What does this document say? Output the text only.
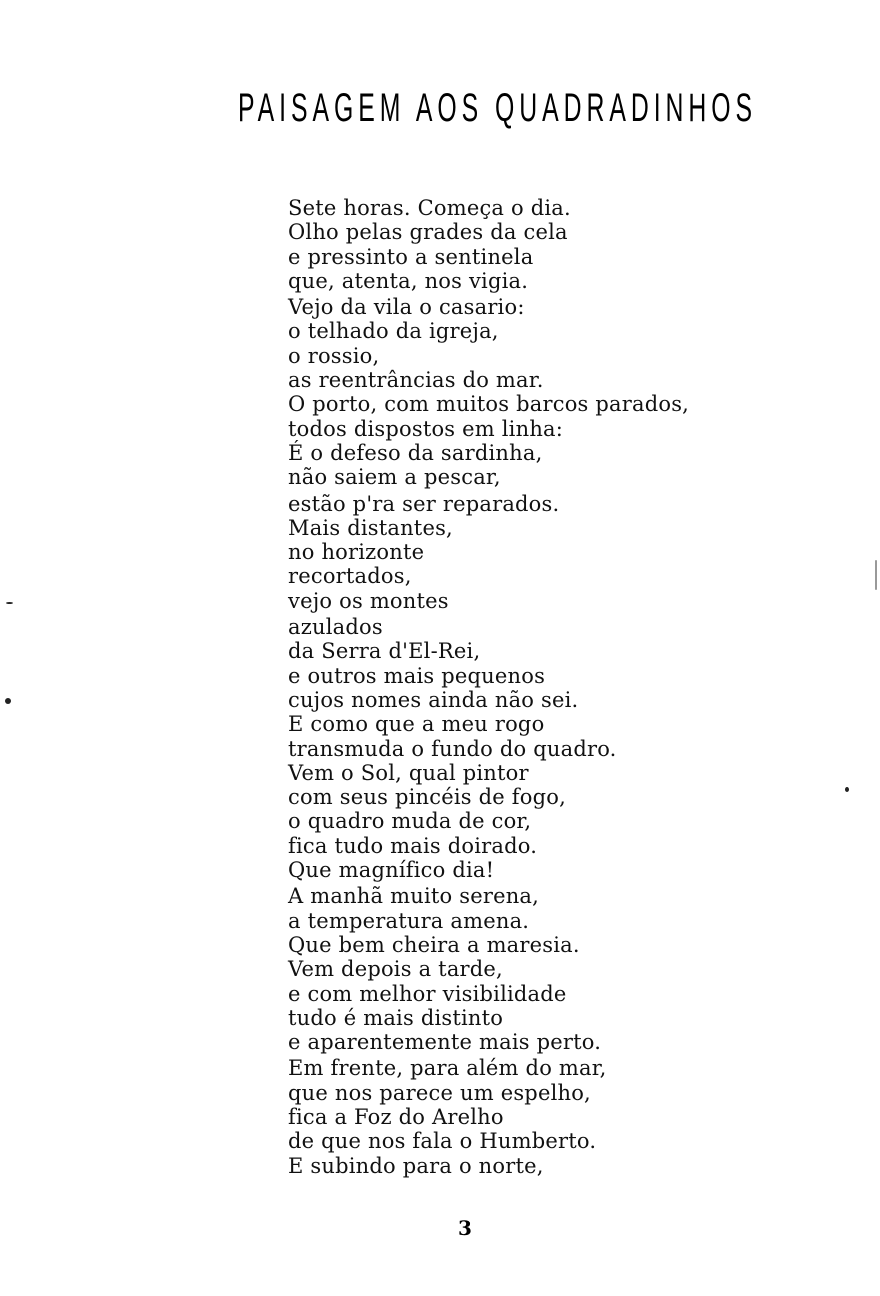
PAISAGEM AOS QUADRADINHOS
Sete horas. Começa o dia.
Olho pelas grades da cela
e pressinto a sentinela
que, atenta, nos vigia.
Vejo da vila o casario:
o telhado da igreja,
o rossio,
as reentrâncias do mar.
O porto, com muitos barcos parados,
todos dispostos em linha:
É o defeso da sardinha,
não saiem a pescar,
estão p'ra ser reparados.
Mais distantes,
no horizonte
recortados,
vejo os montes
azulados
da Serra d'El-Rei,
e outros mais pequenos
cujos nomes ainda não sei.
E como que a meu rogo
transmuda o fundo do quadro.
Vem o Sol, qual pintor
com seus pincéis de fogo,
o quadro muda de cor,
fica tudo mais doirado.
Que magnífico dia!
A manhã muito serena,
a temperatura amena.
Que bem cheira a maresia.
Vem depois a tarde,
e com melhor visibilidade
tudo é mais distinto
e aparentemente mais perto.
Em frente, para além do mar,
que nos parece um espelho,
fica a Foz do Arelho
de que nos fala o Humberto.
E subindo para o norte,
3
